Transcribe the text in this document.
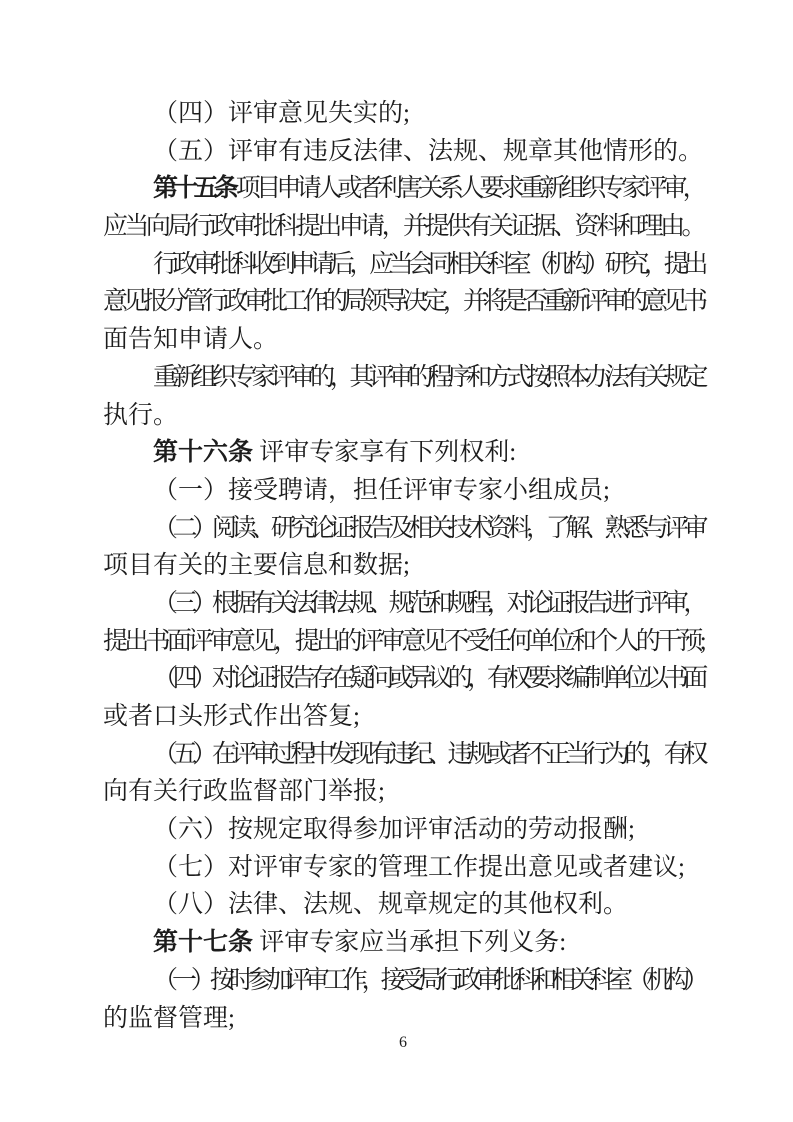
（四）评审意见失实的;
（五）评审有违反法律、法规、规章其他情形的。
第十五条 项目申请人或者利害关系人要求重新组织专家评审，
应当向局行政审批科提出申请，并提供有关证据、资料和理由。
行政审批科收到申请后，应当会同相关科室（机构）研究，提出
意见报分管行政审批工作的局领导决定，并将是否重新评审的意见书
面告知申请人。
重新组织专家评审的，其评审的程序和方式按照本办法有关规定
执行。
第十六条 评审专家享有下列权利:
（一）接受聘请，担任评审专家小组成员;
（二）阅读、研究论证报告及相关技术资料，了解、熟悉与评审
项目有关的主要信息和数据;
（三）根据有关法律法规、规范和规程，对论证报告进行评审，
提出书面评审意见，提出的评审意见不受任何单位和个人的干预;
（四）对论证报告存在疑问或异议的，有权要求编制单位以书面
或者口头形式作出答复;
（五）在评审过程中发现有违纪、违规或者不正当行为的，有权
向有关行政监督部门举报;
（六）按规定取得参加评审活动的劳动报酬;
（七）对评审专家的管理工作提出意见或者建议;
（八）法律、法规、规章规定的其他权利。
第十七条 评审专家应当承担下列义务:
（一）按时参加评审工作，接受局行政审批科和相关科室（机构）
的监督管理;
6
